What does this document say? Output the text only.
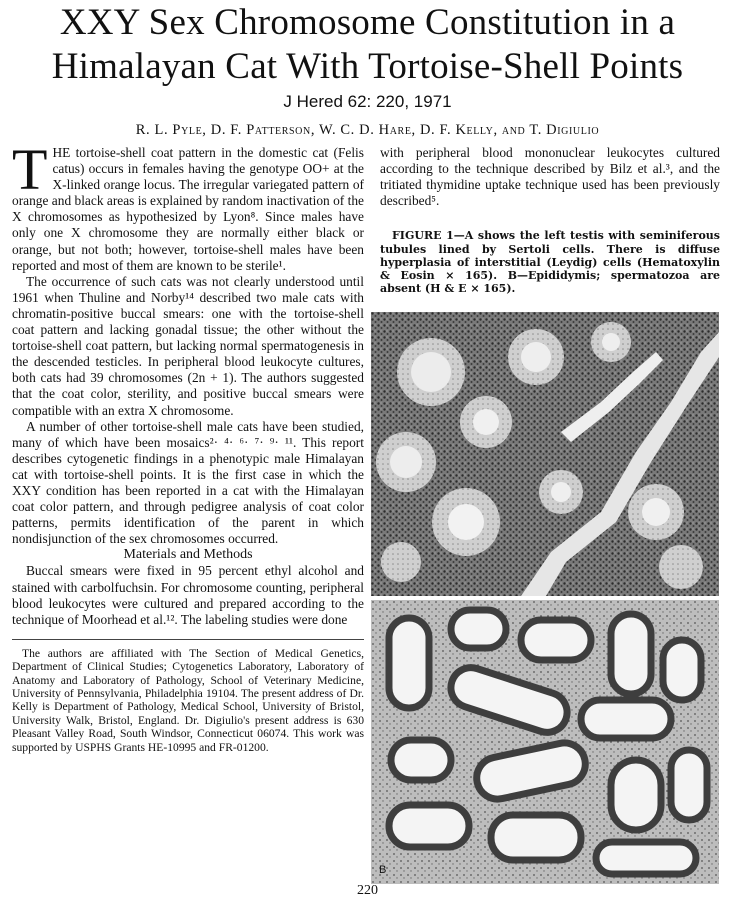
XXY Sex Chromosome Constitution in a
Himalayan Cat With Tortoise-Shell Points
J Hered 62: 220, 1971
R. L. Pyle, D. F. Patterson, W. C. D. Hare, D. F. Kelly, and T. Digiulio

THE tortoise-shell coat pattern in the domestic cat (Felis catus) occurs in females having the genotype OO+ at the X-linked orange locus. The irregular variegated pattern of orange and black areas is explained by random inactivation of the X chromosomes as hypothesized by Lyon⁸. Since males have only one X chromosome they are normally either black or orange, but not both; however, tortoise-shell males have been reported and most of them are known to be sterile¹.

The occurrence of such cats was not clearly understood until 1961 when Thuline and Norby¹⁴ described two male cats with chromatin-positive buccal smears: one with the tortoise-shell coat pattern and lacking gonadal tissue; the other without the tortoise-shell coat pattern, but lacking normal spermatogenesis in the descended testicles. In peripheral blood leukocyte cultures, both cats had 39 chromosomes (2n + 1). The authors suggested that the coat color, sterility, and positive buccal smears were compatible with an extra X chromosome.

A number of other tortoise-shell male cats have been studied, many of which have been mosaics²· ⁴· ⁶· ⁷· ⁹· ¹¹. This report describes cytogenetic findings in a phenotypic male Himalayan cat with tortoise-shell points. It is the first case in which the XXY condition has been reported in a cat with the Himalayan coat color pattern, and through pedigree analysis of coat color patterns, permits identification of the parent in which nondisjunction of the sex chromosomes occurred.

Materials and Methods

Buccal smears were fixed in 95 percent ethyl alcohol and stained with carbolfuchsin. For chromosome counting, peripheral blood leukocytes were cultured and prepared according to the technique of Moorhead et al.¹². The labeling studies were done

The authors are affiliated with The Section of Medical Genetics, Department of Clinical Studies; Cytogenetics Laboratory, Laboratory of Anatomy and Laboratory of Pathology, School of Veterinary Medicine, University of Pennsylvania, Philadelphia 19104. The present address of Dr. Kelly is Department of Pathology, Medical School, University of Bristol, University Walk, Bristol, England. Dr. Digiulio's present address is 630 Pleasant Valley Road, South Windsor, Connecticut 06074. This work was supported by USPHS Grants HE-10995 and FR-01200.

with peripheral blood mononuclear leukocytes cultured according to the technique described by Bilz et al.³, and the tritiated thymidine uptake technique used has been previously described⁵.

FIGURE 1—A shows the left testis with seminiferous tubules lined by Sertoli cells. There is diffuse hyperplasia of interstitial (Leydig) cells (Hematoxylin & Eosin × 165). B—Epididymis; spermatozoa are absent (H & E × 165).

B
220
